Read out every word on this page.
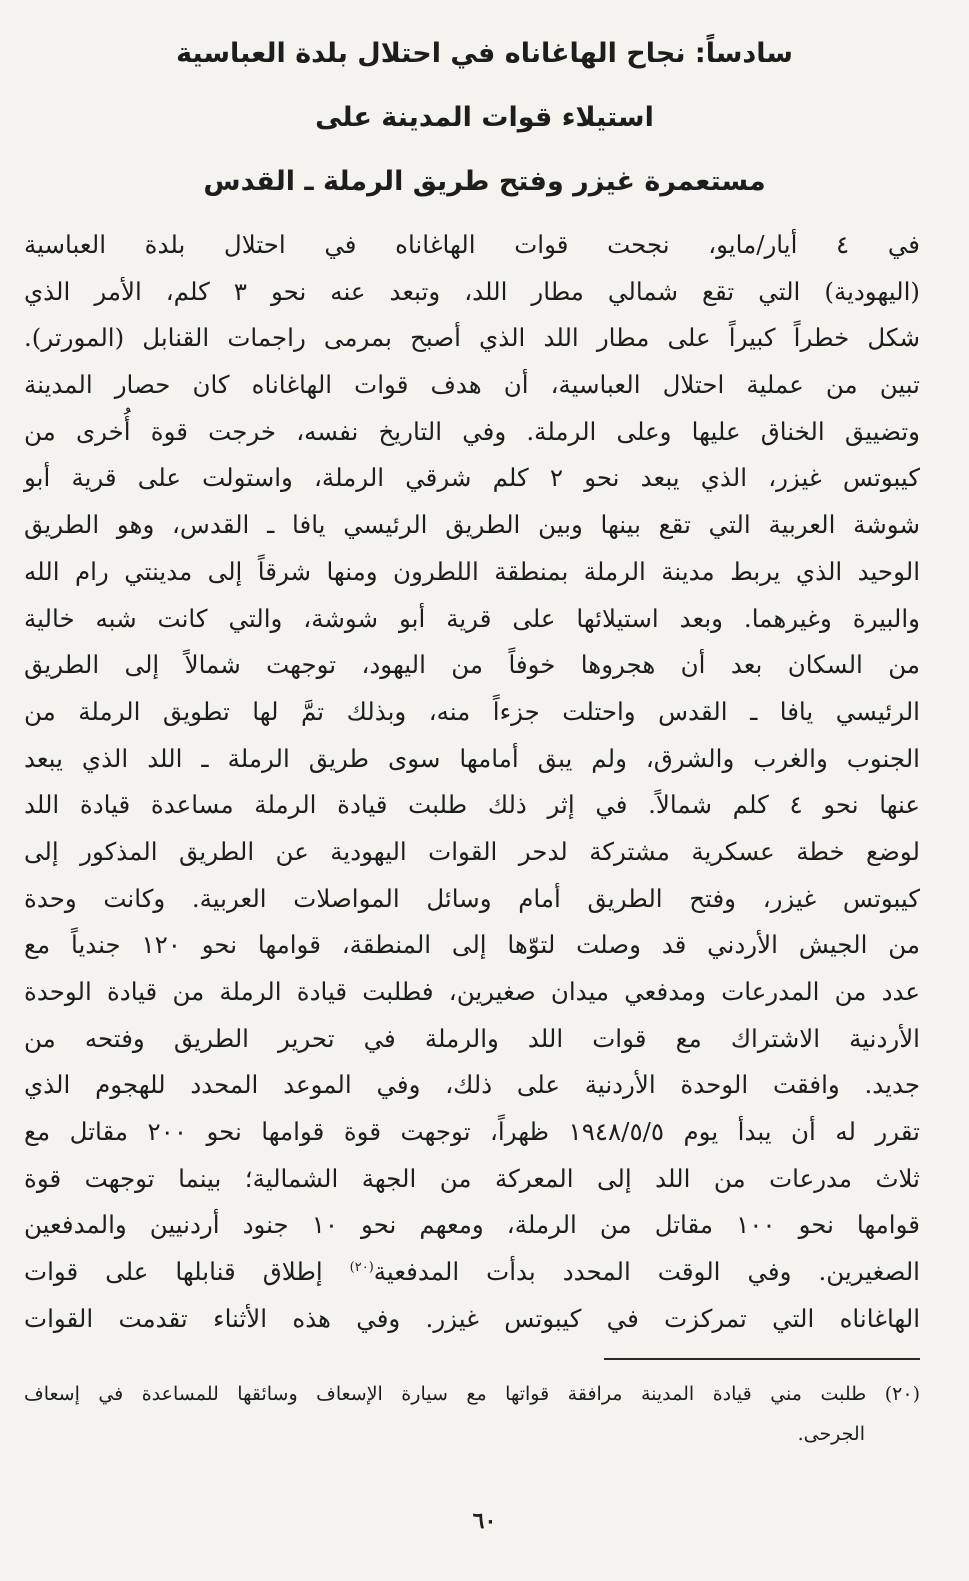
سادساً: نجاح الهاغاناه في احتلال بلدة العباسية
استيلاء قوات المدينة على
مستعمرة غيزر وفتح طريق الرملة ـ القدس
في ٤ أيار/مايو، نجحت قوات الهاغاناه في احتلال بلدة العباسية
(اليهودية) التي تقع شمالي مطار اللد، وتبعد عنه نحو ٣ كلم، الأمر الذي
شكل خطراً كبيراً على مطار اللد الذي أصبح بمرمى راجمات القنابل (المورتر).
تبين من عملية احتلال العباسية، أن هدف قوات الهاغاناه كان حصار المدينة
وتضييق الخناق عليها وعلى الرملة. وفي التاريخ نفسه، خرجت قوة أُخرى من
كيبوتس غيزر، الذي يبعد نحو ٢ كلم شرقي الرملة، واستولت على قرية أبو
شوشة العربية التي تقع بينها وبين الطريق الرئيسي يافا ـ القدس، وهو الطريق
الوحيد الذي يربط مدينة الرملة بمنطقة اللطرون ومنها شرقاً إلى مدينتي رام الله
والبيرة وغيرهما. وبعد استيلائها على قرية أبو شوشة، والتي كانت شبه خالية
من السكان بعد أن هجروها خوفاً من اليهود، توجهت شمالاً إلى الطريق
الرئيسي يافا ـ القدس واحتلت جزءاً منه، وبذلك تمَّ لها تطويق الرملة من
الجنوب والغرب والشرق، ولم يبق أمامها سوى طريق الرملة ـ اللد الذي يبعد
عنها نحو ٤ كلم شمالاً. في إثر ذلك طلبت قيادة الرملة مساعدة قيادة اللد
لوضع خطة عسكرية مشتركة لدحر القوات اليهودية عن الطريق المذكور إلى
كيبوتس غيزر، وفتح الطريق أمام وسائل المواصلات العربية. وكانت وحدة
من الجيش الأردني قد وصلت لتوّها إلى المنطقة، قوامها نحو ١٢٠ جندياً مع
عدد من المدرعات ومدفعي ميدان صغيرين، فطلبت قيادة الرملة من قيادة الوحدة
الأردنية الاشتراك مع قوات اللد والرملة في تحرير الطريق وفتحه من
جديد. وافقت الوحدة الأردنية على ذلك، وفي الموعد المحدد للهجوم الذي
تقرر له أن يبدأ يوم ١٩٤٨/٥/٥ ظهراً، توجهت قوة قوامها نحو ٢٠٠ مقاتل مع
ثلاث مدرعات من اللد إلى المعركة من الجهة الشمالية؛ بينما توجهت قوة
قوامها نحو ١٠٠ مقاتل من الرملة، ومعهم نحو ١٠ جنود أردنيين والمدفعين
الصغيرين. وفي الوقت المحدد بدأت المدفعية$^{(٢٠)}$ إطلاق قنابلها على قوات
الهاغاناه التي تمركزت في كيبوتس غيزر. وفي هذه الأثناء تقدمت القوات
(٢٠) طلبت مني قيادة المدينة مرافقة قواتها مع سيارة الإسعاف وسائقها للمساعدة في إسعاف
الجرحى.
٦٠
